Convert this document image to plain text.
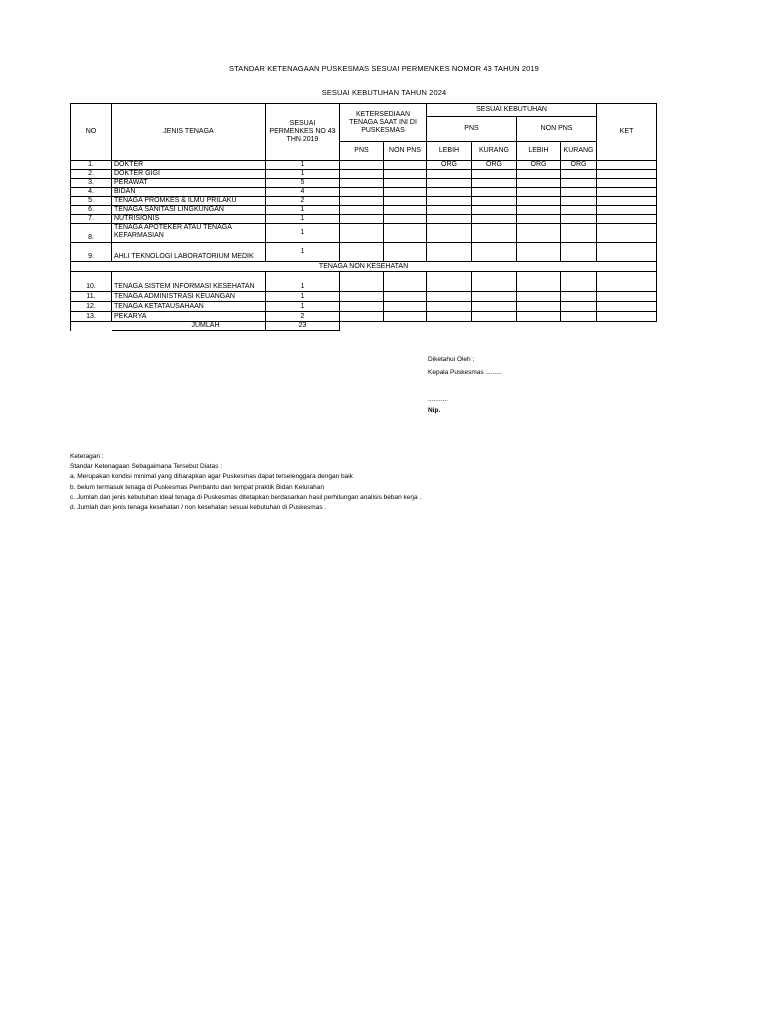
STANDAR KETENAGAAN PUSKESMAS SESUAI PERMENKES NOMOR 43 TAHUN 2019
SESUAI KEBUTUHAN TAHUN 2024
NO	JENIS TENAGA	SESUAI PERMENKES NO 43 THN 2019	KETERSEDIAAN TENAGA SAAT INI DI PUSKESMAS		SESUAI KEBUTUHAN				KET
					PNS		NON PNS		
			PNS	NON PNS	LEBIH	KURANG	LEBIH	KURANG	
1.	DOKTER	1			ORG	ORG	ORG	ORG	
2.	DOKTER GIGI	1							
3.	PERAWAT	5							
4.	BIDAN	4							
5.	TENAGA PROMKES & ILMU PRILAKU	2							
6.	TENAGA SANITASI LINGKUNGAN	1							
7.	NUTRISIONIS	1							
8.	TENAGA APOTEKER ATAU TENAGA KEFARMASIAN	1							
9.	AHLI TEKNOLOGI LABORATORIUM MEDIK	1							
TENAGA NON KESEHATAN									
10.	TENAGA SISTEM INFORMASI KESEHATAN	1							
11.	TENAGA ADMINISTRASI KEUANGAN	1							
12.	TENAGA KETATAUSAHAAN	1							
13.	PEKARYA	2							
	JUMLAH	23							
Diketahui Oleh ;
Kepala Puskesmas .........
...........
Nip.
Keteragan :
Standar Ketenagaan Sebagaimana Tersebut Diatas :
a. Merupakan kondisi minimal yang diharapkan agar Puskesmas dapat terselenggara dengan baik
b. belum termasuk tenaga di Puskesmas Pembantu dan tempat praktik Bidan Kelurahan
c. Jumlah dan jenis kebutuhan ideal tenaga di Puskesmas ditetapkan berdasarkan hasil perhitungan analisis beban kerja .
d. Jumlah dan jenis tenaga kesehatan / non kesehatan sesuai kebutuhan di Puskesmas .
